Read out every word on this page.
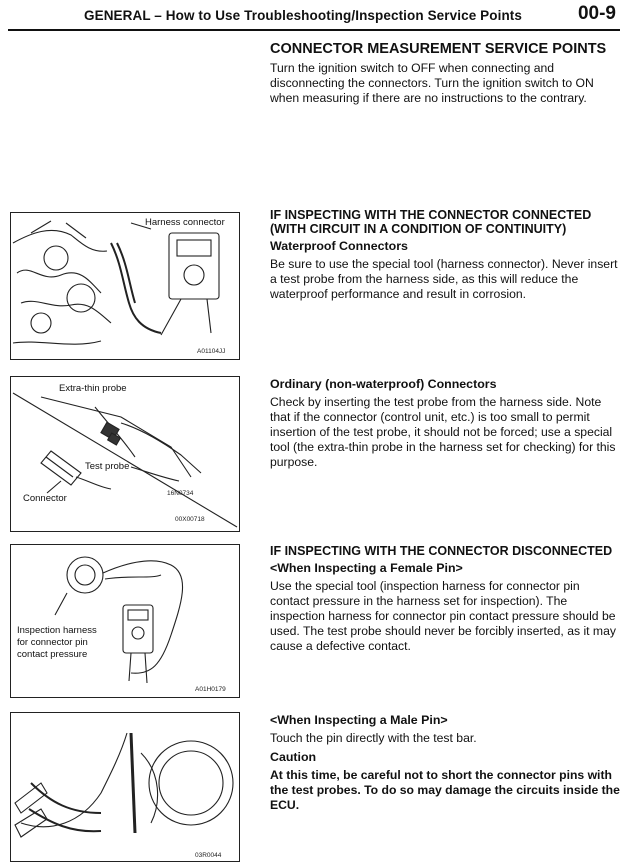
GENERAL – How to Use Troubleshooting/Inspection Service Points	00-9
CONNECTOR MEASUREMENT SERVICE POINTS

Turn the ignition switch to OFF when connecting and disconnecting the connectors. Turn the ignition switch to ON when measuring if there are no instructions to the contrary.

IF INSPECTING WITH THE CONNECTOR CONNECTED
(WITH CIRCUIT IN A CONDITION OF CONTINUITY)
Waterproof Connectors

Be sure to use the special tool (harness connector). Never insert a test probe from the harness side, as this will reduce the waterproof performance and result in corrosion.

Ordinary (non-waterproof) Connectors

Check by inserting the test probe from the harness side. Note that if the connector (control unit, etc.) is too small to permit insertion of the test probe, it should not be forced; use a special tool (the extra-thin probe in the harness set for checking) for this purpose.

IF INSPECTING WITH THE CONNECTOR DISCONNECTED
<When Inspecting a Female Pin>

Use the special tool (inspection harness for connector pin contact pressure in the harness set for inspection). The inspection harness for connector pin contact pressure should be used. The test probe should never be forcibly inserted, as it may cause a defective contact.

<When Inspecting a Male Pin>

Touch the pin directly with the test bar.

Caution

At this time, be careful not to short the connector pins with the test probes. To do so may damage the circuits inside the ECU.

Harness connector
A01104JJ
Extra-thin probe
Test probe
Connector	16N0734
00X00718
Inspection harness
for connector pin
contact pressure
A01H0179
03R0044
